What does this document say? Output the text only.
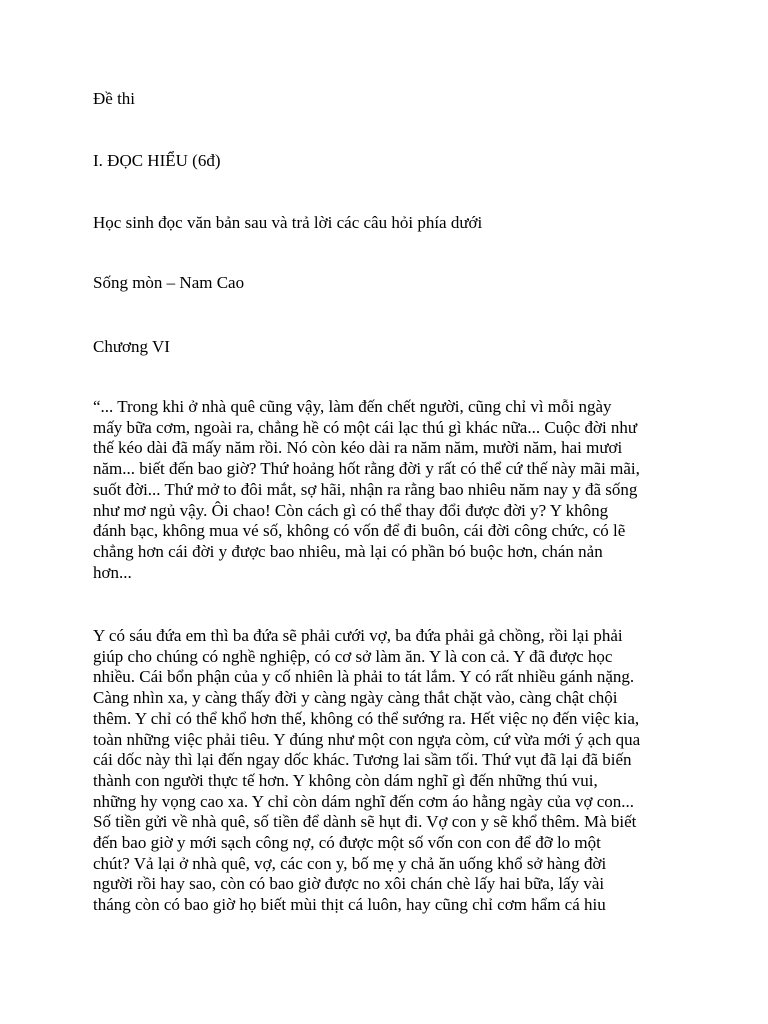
Đề thi

I. ĐỌC HIỂU (6đ)

Học sinh đọc văn bản sau và trả lời các câu hỏi phía dưới

Sống mòn – Nam Cao

Chương VI

“... Trong khi ở nhà quê cũng vậy, làm đến chết người, cũng chỉ vì mỗi ngày
mấy bữa cơm, ngoài ra, chẳng hề có một cái lạc thú gì khác nữa... Cuộc đời như
thế kéo dài đã mấy năm rồi. Nó còn kéo dài ra năm năm, mười năm, hai mươi
năm... biết đến bao giờ? Thứ hoảng hốt rằng đời y rất có thể cứ thế này mãi mãi,
suốt đời... Thứ mở to đôi mắt, sợ hãi, nhận ra rằng bao nhiêu năm nay y đã sống
như mơ ngủ vậy. Ôi chao! Còn cách gì có thể thay đổi được đời y? Y không
đánh bạc, không mua vé số, không có vốn để đi buôn, cái đời công chức, có lẽ
chẳng hơn cái đời y được bao nhiêu, mà lại có phần bó buộc hơn, chán nản
hơn...
Y có sáu đứa em thì ba đứa sẽ phải cưới vợ, ba đứa phải gả chồng, rồi lại phải
giúp cho chúng có nghề nghiệp, có cơ sở làm ăn. Y là con cả. Y đã được học
nhiều. Cái bổn phận của y cố nhiên là phải to tát lắm. Y có rất nhiều gánh nặng.
Càng nhìn xa, y càng thấy đời y càng ngày càng thắt chặt vào, càng chật chội
thêm. Y chỉ có thể khổ hơn thế, không có thể sướng ra. Hết việc nọ đến việc kia,
toàn những việc phải tiêu. Y đúng như một con ngựa còm, cứ vừa mới ý ạch qua
cái dốc này thì lại đến ngay dốc khác. Tương lai sầm tối. Thứ vụt đã lại đã biến
thành con người thực tế hơn. Y không còn dám nghĩ gì đến những thú vui,
những hy vọng cao xa. Y chỉ còn dám nghĩ đến cơm áo hằng ngày của vợ con...
Số tiền gửi về nhà quê, số tiền để dành sẽ hụt đi. Vợ con y sẽ khổ thêm. Mà biết
đến bao giờ y mới sạch công nợ, có được một số vốn con con để đỡ lo một
chút? Vả lại ở nhà quê, vợ, các con y, bố mẹ y chả ăn uống khổ sở hàng đời
người rồi hay sao, còn có bao giờ được no xôi chán chè lấy hai bữa, lấy vài
tháng còn có bao giờ họ biết mùi thịt cá luôn, hay cũng chỉ cơm hẩm cá hiu
